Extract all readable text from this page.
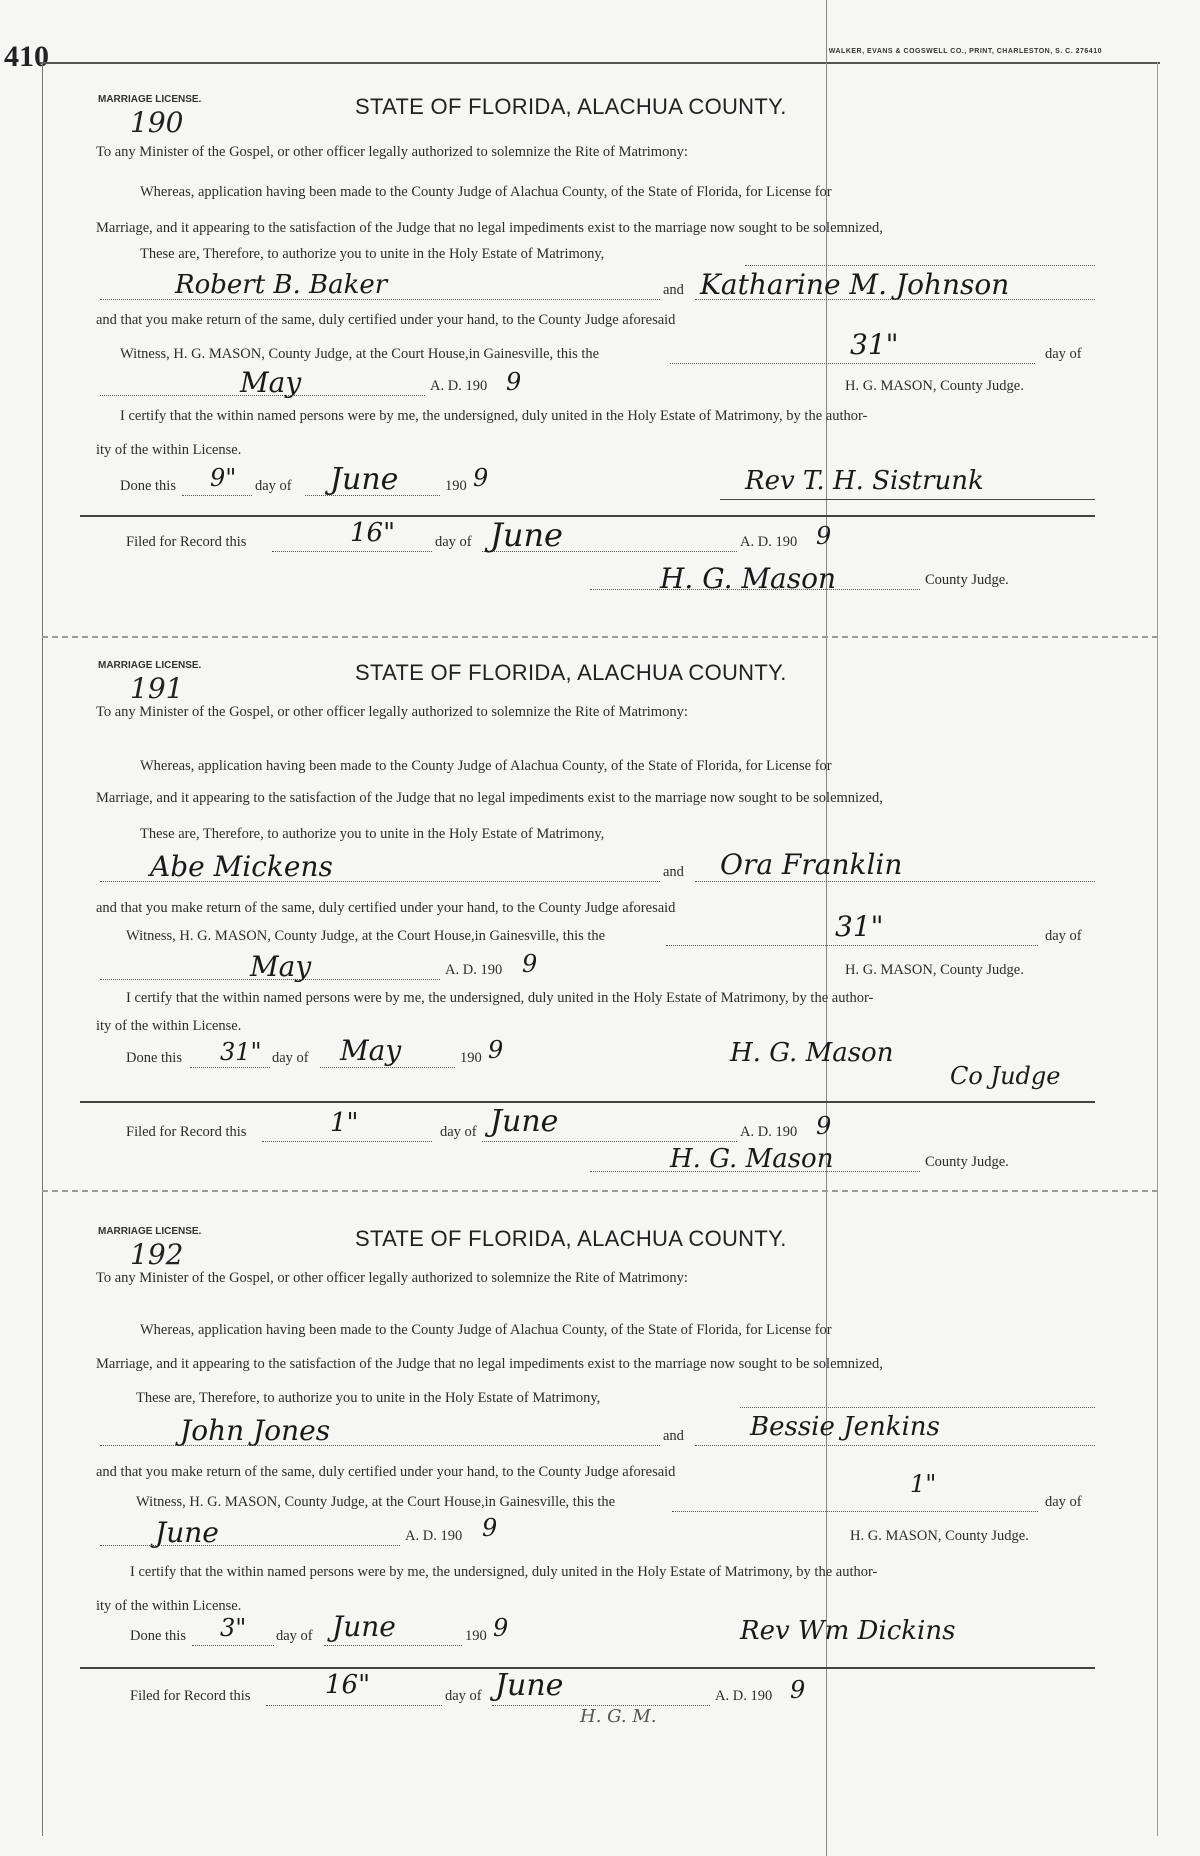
410	WALKER, EVANS & COGSWELL CO., PRINT, CHARLESTON, S. C. 276410
MARRIAGE LICENSE.
190	STATE OF FLORIDA, ALACHUA COUNTY.
To any Minister of the Gospel, or other officer legally authorized to solemnize the Rite of Matrimony:
Whereas, application having been made to the County Judge of Alachua County, of the State of Florida, for License for
Marriage, and it appearing to the satisfaction of the Judge that no legal impediments exist to the marriage now sought to be solemnized,
These are, Therefore, to authorize you to unite in the Holy Estate of Matrimony,
Robert B. Baker	and Katharine M. Johnson
and that you make return of the same, duly certified under your hand, to the County Judge aforesaid
Witness, H. G. MASON, County Judge, at the Court House,in Gainesville, this the	31"	day of
May	A. D. 190 9	H. G. MASON, County Judge.
I certify that the within named persons were by me, the undersigned, duly united in the Holy Estate of Matrimony, by the author-
ity of the within License.
Done this 9" day of June	190 9	Rev T. H. Sistrunk
Filed for Record this	16"	day of June	A. D. 190 9
H. G. Mason	County Judge.
MARRIAGE LICENSE.
191	STATE OF FLORIDA, ALACHUA COUNTY.
To any Minister of the Gospel, or other officer legally authorized to solemnize the Rite of Matrimony:
Whereas, application having been made to the County Judge of Alachua County, of the State of Florida, for License for
Marriage, and it appearing to the satisfaction of the Judge that no legal impediments exist to the marriage now sought to be solemnized,
These are, Therefore, to authorize you to unite in the Holy Estate of Matrimony,
Abe Mickens	and Ora Franklin
and that you make return of the same, duly certified under your hand, to the County Judge aforesaid
Witness, H. G. MASON, County Judge, at the Court House,in Gainesville, this the	31"	day of
May	A. D. 190 9	H. G. MASON, County Judge.
I certify that the within named persons were by me, the undersigned, duly united in the Holy Estate of Matrimony, by the author-
ity of the within License.
Done this 31" day of May	190 9	H. G. Mason
Co Judge
Filed for Record this	1"	day of June	A. D. 190 9
H. G. Mason	County Judge.
MARRIAGE LICENSE.
192	STATE OF FLORIDA, ALACHUA COUNTY.
To any Minister of the Gospel, or other officer legally authorized to solemnize the Rite of Matrimony:
Whereas, application having been made to the County Judge of Alachua County, of the State of Florida, for License for
Marriage, and it appearing to the satisfaction of the Judge that no legal impediments exist to the marriage now sought to be solemnized,
These are, Therefore, to authorize you to unite in the Holy Estate of Matrimony,
John Jones	and	Bessie Jenkins
and that you make return of the same, duly certified under your hand, to the County Judge aforesaid
Witness, H. G. MASON, County Judge, at the Court House,in Gainesville, this the
1"
day of
June	A. D. 190 9	H. G. MASON, County Judge.
I certify that the within named persons were by me, the undersigned, duly united in the Holy Estate of Matrimony, by the author-
ity of the within License.
Done this 3" day of June	190 9	Rev Wm Dickins
Filed for Record this	16"	day of June	A. D. 190 9
H. G. M.
